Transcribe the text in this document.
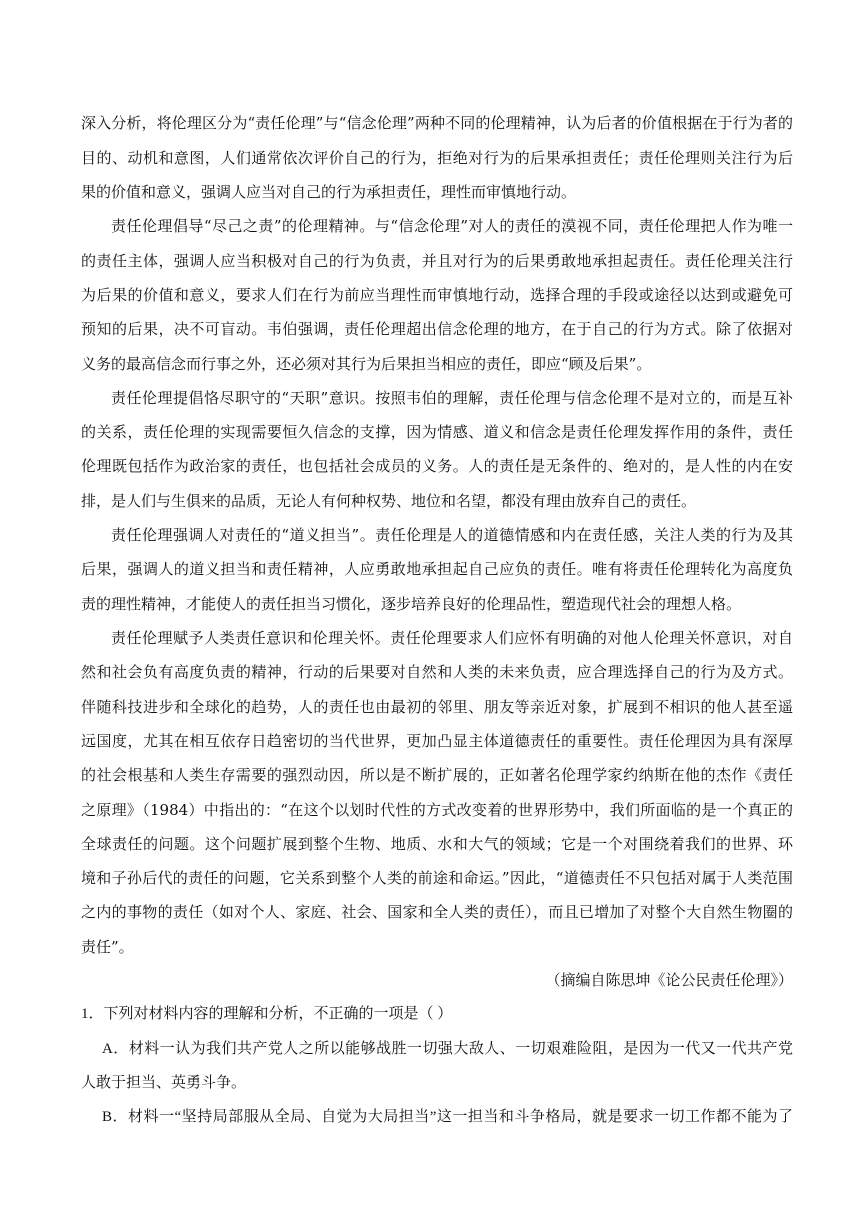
深入分析，将伦理区分为“责任伦理”与“信念伦理”两种不同的伦理精神，认为后者的价值根据在于行为者的
目的、动机和意图，人们通常依次评价自己的行为，拒绝对行为的后果承担责任；责任伦理则关注行为后
果的价值和意义，强调人应当对自己的行为承担责任，理性而审慎地行动。
责任伦理倡导“尽己之责”的伦理精神。与“信念伦理”对人的责任的漠视不同，责任伦理把人作为唯一
的责任主体，强调人应当积极对自己的行为负责，并且对行为的后果勇敢地承担起责任。责任伦理关注行
为后果的价值和意义，要求人们在行为前应当理性而审慎地行动，选择合理的手段或途径以达到或避免可
预知的后果，决不可盲动。韦伯强调，责任伦理超出信念伦理的地方，在于自己的行为方式。除了依据对
义务的最高信念而行事之外，还必须对其行为后果担当相应的责任，即应“顾及后果”。
责任伦理提倡恪尽职守的“天职”意识。按照韦伯的理解，责任伦理与信念伦理不是对立的，而是互补
的关系，责任伦理的实现需要恒久信念的支撑，因为情感、道义和信念是责任伦理发挥作用的条件，责任
伦理既包括作为政治家的责任，也包括社会成员的义务。人的责任是无条件的、绝对的，是人性的内在安
排，是人们与生俱来的品质，无论人有何种权势、地位和名望，都没有理由放弃自己的责任。
责任伦理强调人对责任的“道义担当”。责任伦理是人的道德情感和内在责任感，关注人类的行为及其
后果，强调人的道义担当和责任精神，人应勇敢地承担起自己应负的责任。唯有将责任伦理转化为高度负
责的理性精神，才能使人的责任担当习惯化，逐步培养良好的伦理品性，塑造现代社会的理想人格。
责任伦理赋予人类责任意识和伦理关怀。责任伦理要求人们应怀有明确的对他人伦理关怀意识，对自
然和社会负有高度负责的精神，行动的后果要对自然和人类的未来负责，应合理选择自己的行为及方式。
伴随科技进步和全球化的趋势，人的责任也由最初的邻里、朋友等亲近对象，扩展到不相识的他人甚至遥
远国度，尤其在相互依存日趋密切的当代世界，更加凸显主体道德责任的重要性。责任伦理因为具有深厚
的社会根基和人类生存需要的强烈动因，所以是不断扩展的，正如著名伦理学家约纳斯在他的杰作《责任
之原理》（1984）中指出的：“在这个以划时代性的方式改变着的世界形势中，我们所面临的是一个真正的
全球责任的问题。这个问题扩展到整个生物、地质、水和大气的领域；它是一个对围绕着我们的世界、环
境和子孙后代的责任的问题，它关系到整个人类的前途和命运。”因此，“道德责任不只包括对属于人类范围
之内的事物的责任（如对个人、家庭、社会、国家和全人类的责任），而且已增加了对整个大自然生物圈的
责任”。
（摘编自陈思坤《论公民责任伦理》）
1．下列对材料内容的理解和分析，不正确的一项是（ ）
A．材料一认为我们共产党人之所以能够战胜一切强大敌人、一切艰难险阻，是因为一代又一代共产党
人敢于担当、英勇斗争。
B．材料一“坚持局部服从全局、自觉为大局担当”这一担当和斗争格局，就是要求一切工作都不能为了
